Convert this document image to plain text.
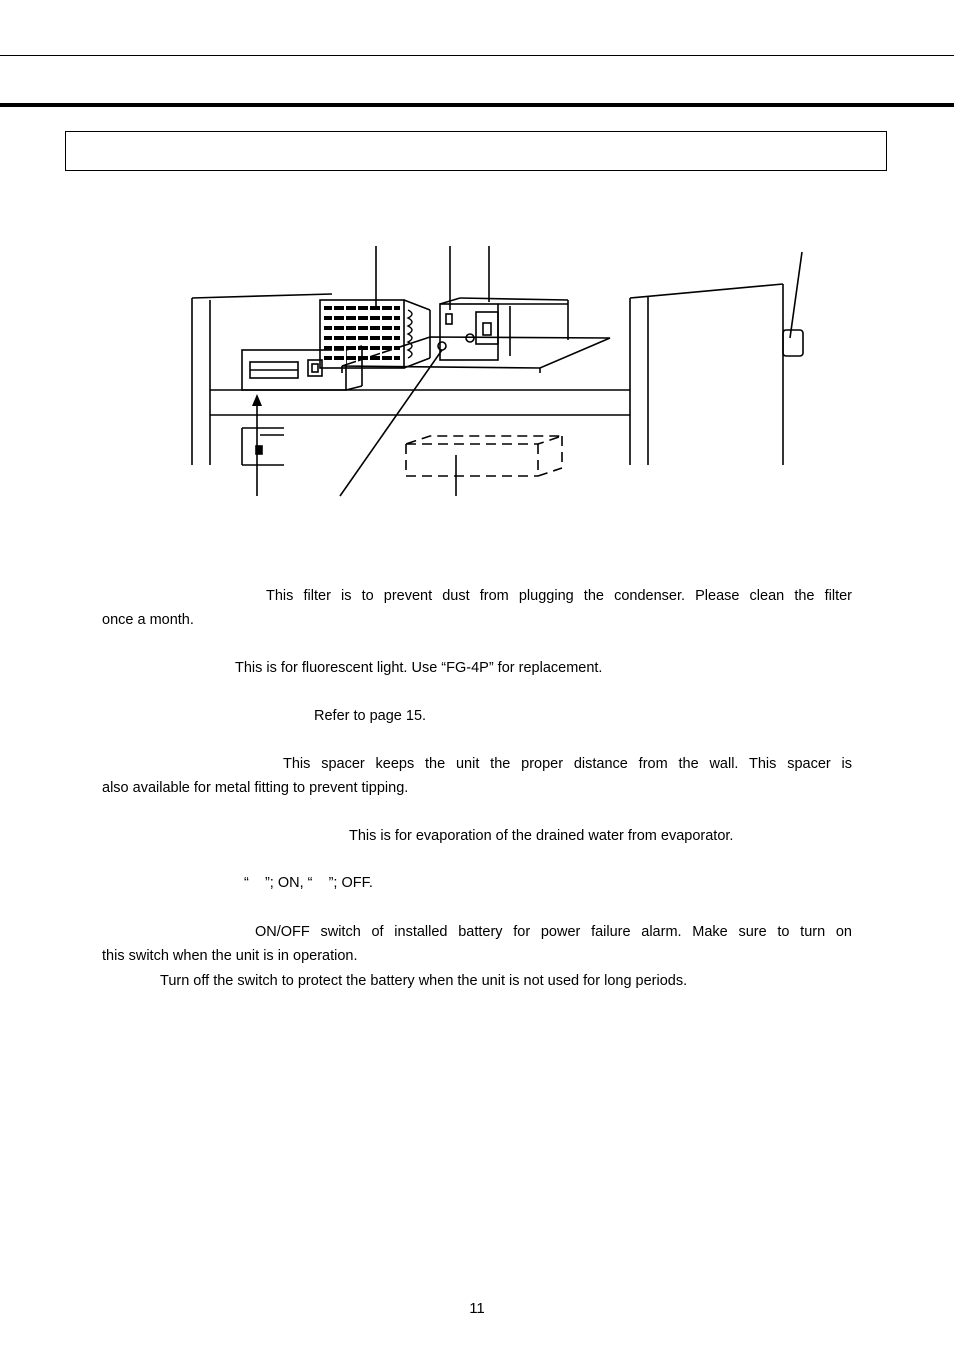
This filter is to prevent dust from plugging the condenser. Please clean the filter
once a month.
This is for fluorescent light. Use “FG-4P” for replacement.
Refer to page 15.
This spacer keeps the unit the proper distance from the wall. This spacer is
also available for metal fitting to prevent tipping.
This is for evaporation of the drained water from evaporator.
“    ”; ON, “    ”; OFF.
ON/OFF switch of installed battery for power failure alarm. Make sure to turn on
this switch when the unit is in operation.
Turn off the switch to protect the battery when the unit is not used for long periods.
11
